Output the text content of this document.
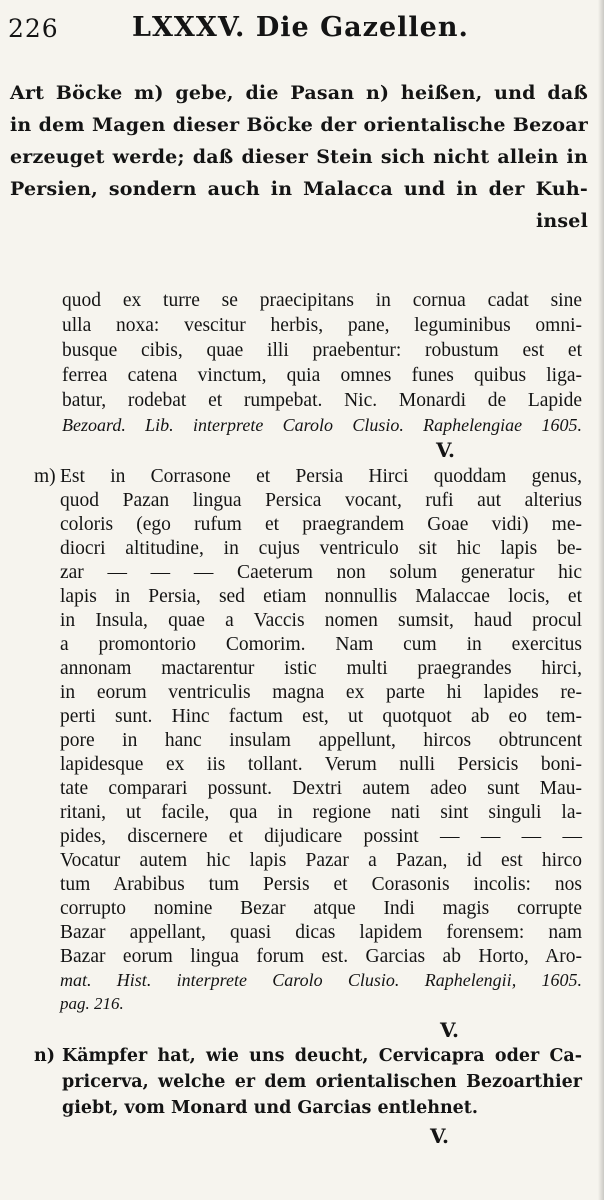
226	LXXXV. Die Gazellen.
Art Böcke m) gebe, die Pasan n) heißen, und daß
in dem Magen dieser Böcke der orientalische Bezoar
erzeuget werde; daß dieser Stein sich nicht allein in
Persien, sondern auch in Malacca und in der Kuh-
insel
quod ex turre se praecipitans in cornua cadat sine
ulla noxa: vescitur herbis, pane, leguminibus omni-
busque cibis, quae illi praebentur: robustum est et
ferrea catena vinctum, quia omnes funes quibus liga-
batur, rodebat et rumpebat. Nic. Monardi de Lapide
Bezoard. Lib. interprete Carolo Clusio. Raphelengiae 1605.
V.
m) Est in Corrasone et Persia Hirci quoddam genus,
quod Pazan lingua Persica vocant, rufi aut alterius
coloris (ego rufum et praegrandem Goae vidi) me-
diocri altitudine, in cujus ventriculo sit hic lapis be-
zar — — — Caeterum non solum generatur hic
lapis in Persia, sed etiam nonnullis Malaccae locis, et
in Insula, quae a Vaccis nomen sumsit, haud procul
a promontorio Comorim. Nam cum in exercitus
annonam mactarentur istic multi praegrandes hirci,
in eorum ventriculis magna ex parte hi lapides re-
perti sunt. Hinc factum est, ut quotquot ab eo tem-
pore in hanc insulam appellunt, hircos obtruncent
lapidesque ex iis tollant. Verum nulli Persicis boni-
tate comparari possunt. Dextri autem adeo sunt Mau-
ritani, ut facile, qua in regione nati sint singuli la-
pides, discernere et dijudicare possint — — — —
Vocatur autem hic lapis Pazar a Pazan, id est hirco
tum Arabibus tum Persis et Corasonis incolis: nos
corrupto nomine Bezar atque Indi magis corrupte
Bazar appellant, quasi dicas lapidem forensem: nam
Bazar eorum lingua forum est. Garcias ab Horto, Aro-
mat. Hist. interprete Carolo Clusio. Raphelengii, 1605.
pag. 216.
V.
n) Kämpfer hat, wie uns deucht, Cervicapra oder Ca-
pricerva, welche er dem orientalischen Bezoarthier
giebt, vom Monard und Garcias entlehnet.
V.
